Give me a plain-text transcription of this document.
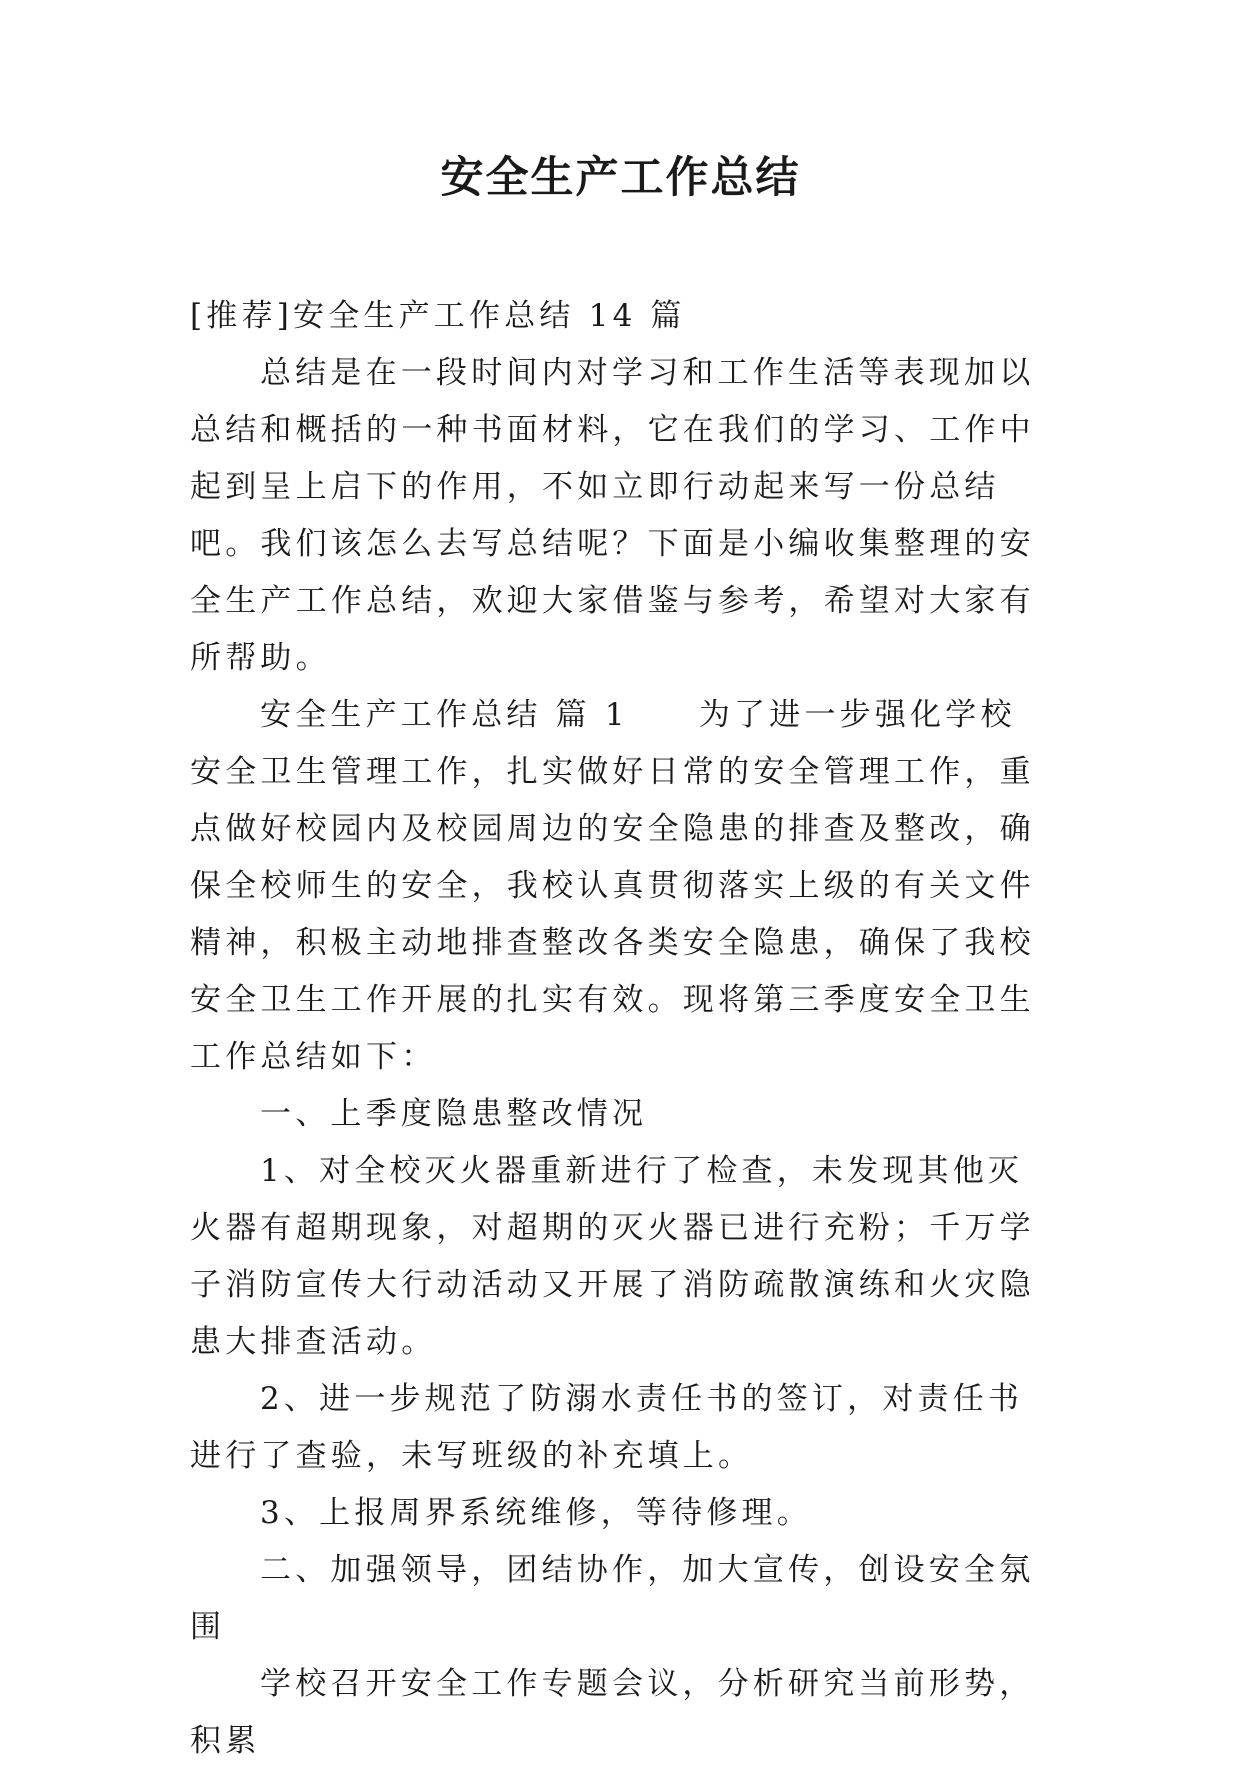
安全生产工作总结

[推荐]安全生产工作总结 14 篇

总结是在一段时间内对学习和工作生活等表现加以总结和概括的一种书面材料，它在我们的学习、工作中起到呈上启下的作用，不如立即行动起来写一份总结吧。我们该怎么去写总结呢？下面是小编收集整理的安全生产工作总结，欢迎大家借鉴与参考，希望对大家有所帮助。

安全生产工作总结 篇 1 为了进一步强化学校安全卫生管理工作，扎实做好日常的安全管理工作，重点做好校园内及校园周边的安全隐患的排查及整改，确保全校师生的安全，我校认真贯彻落实上级的有关文件精神，积极主动地排查整改各类安全隐患，确保了我校安全卫生工作开展的扎实有效。现将第三季度安全卫生工作总结如下：

一、上季度隐患整改情况

1、对全校灭火器重新进行了检查，未发现其他灭火器有超期现象，对超期的灭火器已进行充粉；千万学子消防宣传大行动活动又开展了消防疏散演练和火灾隐患大排查活动。

2、进一步规范了防溺水责任书的签订，对责任书进行了查验，未写班级的补充填上。

3、上报周界系统维修，等待修理。

二、加强领导，团结协作，加大宣传，创设安全氛围

学校召开安全工作专题会议，分析研究当前形势，积累
